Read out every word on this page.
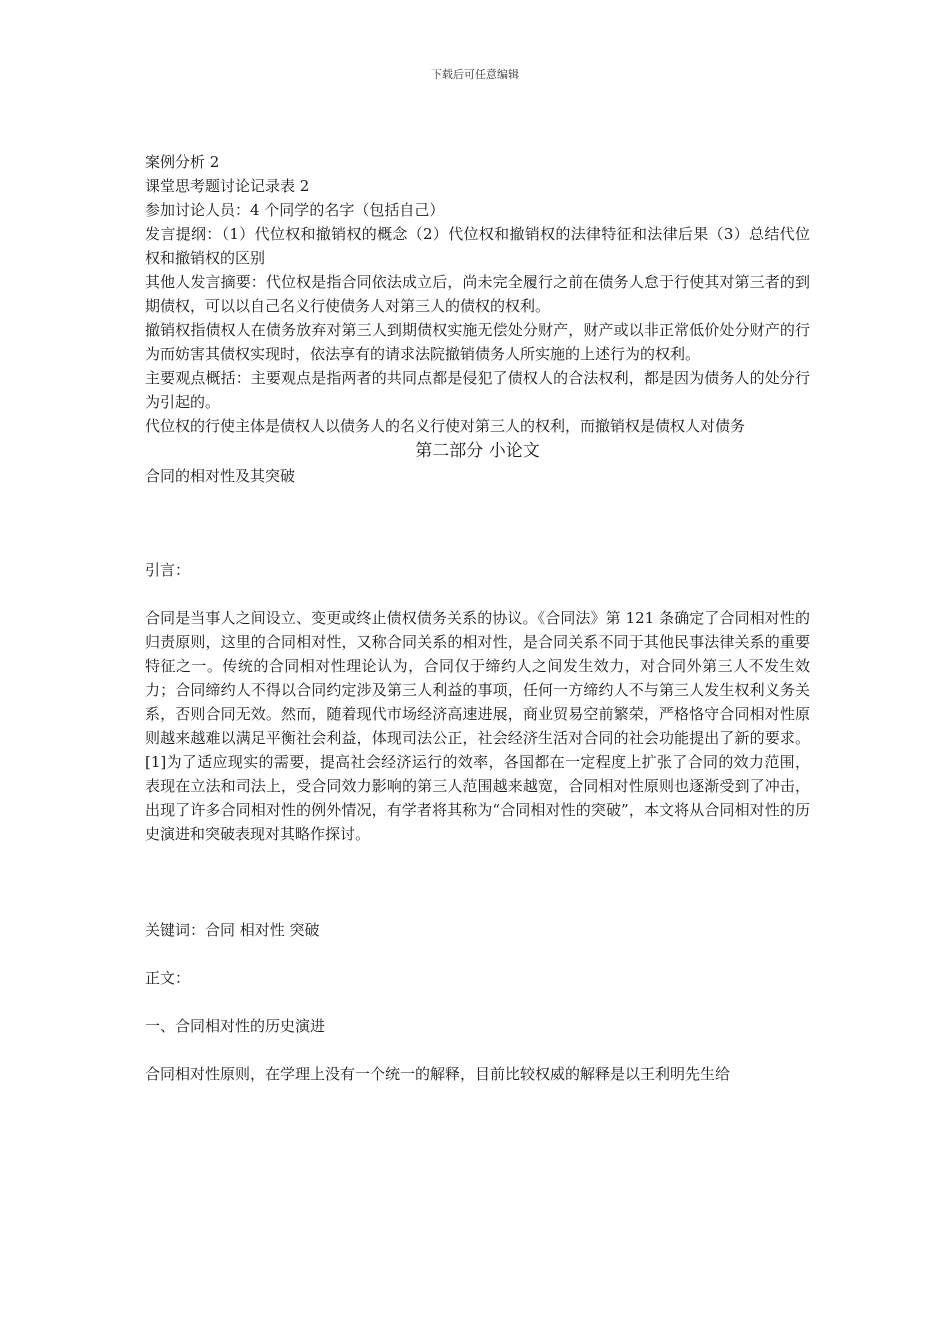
下载后可任意编辑

案例分析 2

课堂思考题讨论记录表 2

参加讨论人员：4 个同学的名字（包括自己）

发言提纲：（1）代位权和撤销权的概念（2）代位权和撤销权的法律特征和法律后果（3）总结代位权和撤销权的区别

其他人发言摘要：代位权是指合同依法成立后，尚未完全履行之前在债务人怠于行使其对第三者的到期债权，可以以自己名义行使债务人对第三人的债权的权利。

撤销权指债权人在债务放弃对第三人到期债权实施无偿处分财产，财产或以非正常低价处分财产的行为而妨害其债权实现时，依法享有的请求法院撤销债务人所实施的上述行为的权利。

主要观点概括：主要观点是指两者的共同点都是侵犯了债权人的合法权利，都是因为债务人的处分行为引起的。

代位权的行使主体是债权人以债务人的名义行使对第三人的权利，而撤销权是债权人对债务

第二部分 小论文

合同的相对性及其突破

引言：

合同是当事人之间设立、变更或终止债权债务关系的协议。《合同法》第 121 条确定了合同相对性的归责原则，这里的合同相对性，又称合同关系的相对性，是合同关系不同于其他民事法律关系的重要特征之一。传统的合同相对性理论认为，合同仅于缔约人之间发生效力，对合同外第三人不发生效力；合同缔约人不得以合同约定涉及第三人利益的事项，任何一方缔约人不与第三人发生权利义务关系，否则合同无效。然而，随着现代市场经济高速进展，商业贸易空前繁荣，严格恪守合同相对性原则越来越难以满足平衡社会利益，体现司法公正，社会经济生活对合同的社会功能提出了新的要求。[1]为了适应现实的需要，提高社会经济运行的效率，各国都在一定程度上扩张了合同的效力范围，表现在立法和司法上，受合同效力影响的第三人范围越来越宽，合同相对性原则也逐渐受到了冲击，出现了许多合同相对性的例外情况，有学者将其称为“合同相对性的突破”，本文将从合同相对性的历史演进和突破表现对其略作探讨。

关键词：合同 相对性 突破

正文：

一、合同相对性的历史演进

合同相对性原则，在学理上没有一个统一的解释，目前比较权威的解释是以王利明先生给
